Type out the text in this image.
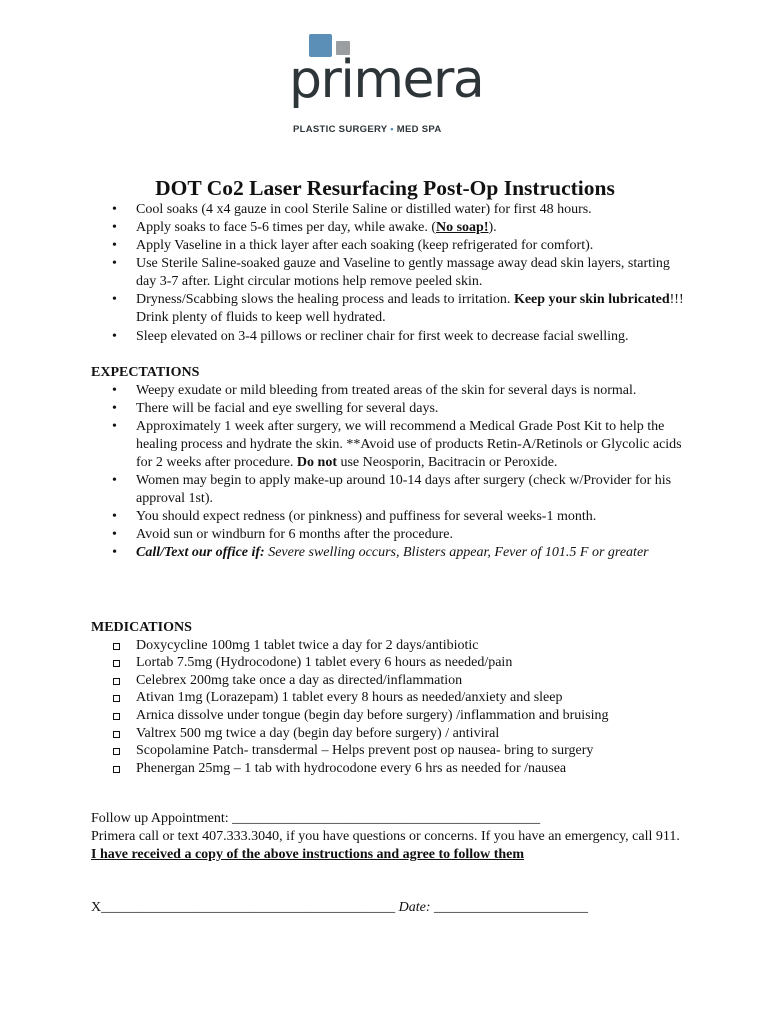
primera
PLASTIC SURGERY • MED SPA
DOT Co2 Laser Resurfacing Post-Op Instructions
• Cool soaks (4 x4 gauze in cool Sterile Saline or distilled water) for first 48 hours.
• Apply soaks to face 5-6 times per day, while awake. (No soap!).
• Apply Vaseline in a thick layer after each soaking (keep refrigerated for comfort).
• Use Sterile Saline-soaked gauze and Vaseline to gently massage away dead skin layers, starting day 3-7 after. Light circular motions help remove peeled skin.
• Dryness/Scabbing slows the healing process and leads to irritation. Keep your skin lubricated!!! Drink plenty of fluids to keep well hydrated.
• Sleep elevated on 3-4 pillows or recliner chair for first week to decrease facial swelling.

EXPECTATIONS

• Weepy exudate or mild bleeding from treated areas of the skin for several days is normal.
• There will be facial and eye swelling for several days.
• Approximately 1 week after surgery, we will recommend a Medical Grade Post Kit to help the healing process and hydrate the skin. **Avoid use of products Retin-A/Retinols or Glycolic acids for 2 weeks after procedure. Do not use Neosporin, Bacitracin or Peroxide.
• Women may begin to apply make-up around 10-14 days after surgery (check w/Provider for his approval 1st).
• You should expect redness (or pinkness) and puffiness for several weeks-1 month.
• Avoid sun or windburn for 6 months after the procedure.
• Call/Text our office if: Severe swelling occurs, Blisters appear, Fever of 101.5 F or greater

MEDICATIONS

Doxycycline 100mg 1 tablet twice a day for 2 days/antibiotic
Lortab 7.5mg (Hydrocodone) 1 tablet every 6 hours as needed/pain
Celebrex 200mg take once a day as directed/inflammation
Ativan 1mg (Lorazepam) 1 tablet every 8 hours as needed/anxiety and sleep
Arnica dissolve under tongue (begin day before surgery) /inflammation and bruising
Valtrex 500 mg twice a day (begin day before surgery) / antiviral
Scopolamine Patch- transdermal – Helps prevent post op nausea- bring to surgery
Phenergan 25mg – 1 tab with hydrocodone every 6 hrs as needed for /nausea

Follow up Appointment: ____________________________________________

Primera call or text 407.333.3040, if you have questions or concerns. If you have an emergency, call 911.

I have received a copy of the above instructions and agree to follow them

X__________________________________________ Date: ______________________
